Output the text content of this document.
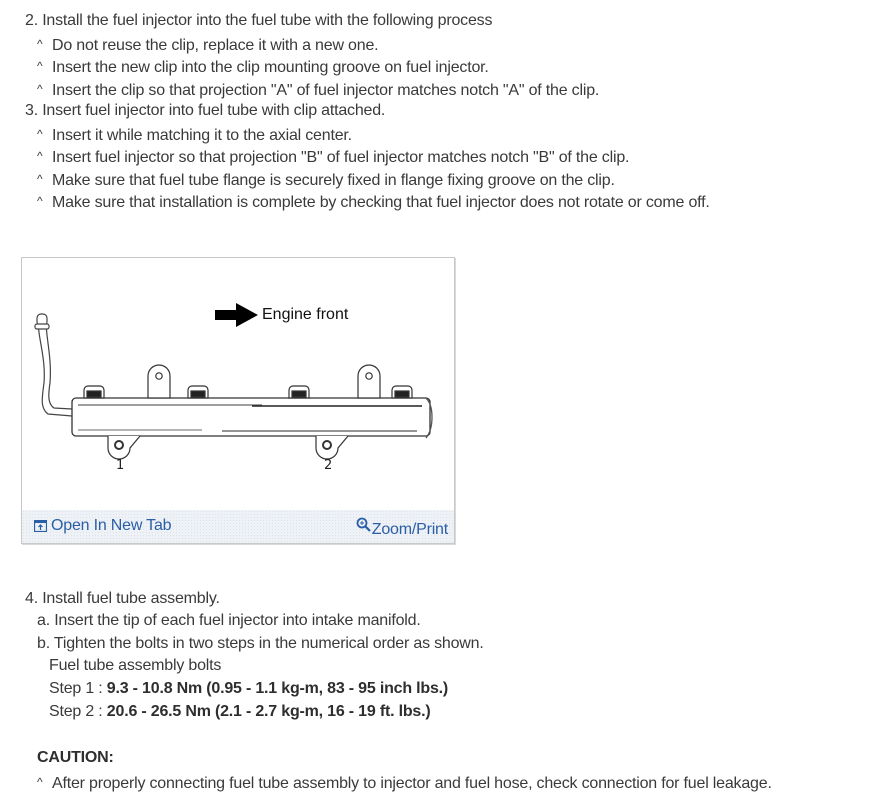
2. Install the fuel injector into the fuel tube with the following process
^ Do not reuse the clip, replace it with a new one.
^ Insert the new clip into the clip mounting groove on fuel injector.
^ Insert the clip so that projection "A" of fuel injector matches notch "A" of the clip.
3. Insert fuel injector into fuel tube with clip attached.
^ Insert it while matching it to the axial center.
^ Insert fuel injector so that projection "B" of fuel injector matches notch "B" of the clip.
^ Make sure that fuel tube flange is securely fixed in flange fixing groove on the clip.
^ Make sure that installation is complete by checking that fuel injector does not rotate or come off.
Engine front
1	2
Open In New Tab	Zoom/Print
4. Install fuel tube assembly.
a. Insert the tip of each fuel injector into intake manifold.
b. Tighten the bolts in two steps in the numerical order as shown.
Fuel tube assembly bolts
Step 1 : 9.3 - 10.8 Nm (0.95 - 1.1 kg-m, 83 - 95 inch lbs.)
Step 2 : 20.6 - 26.5 Nm (2.1 - 2.7 kg-m, 16 - 19 ft. lbs.)
CAUTION:
^ After properly connecting fuel tube assembly to injector and fuel hose, check connection for fuel leakage.
